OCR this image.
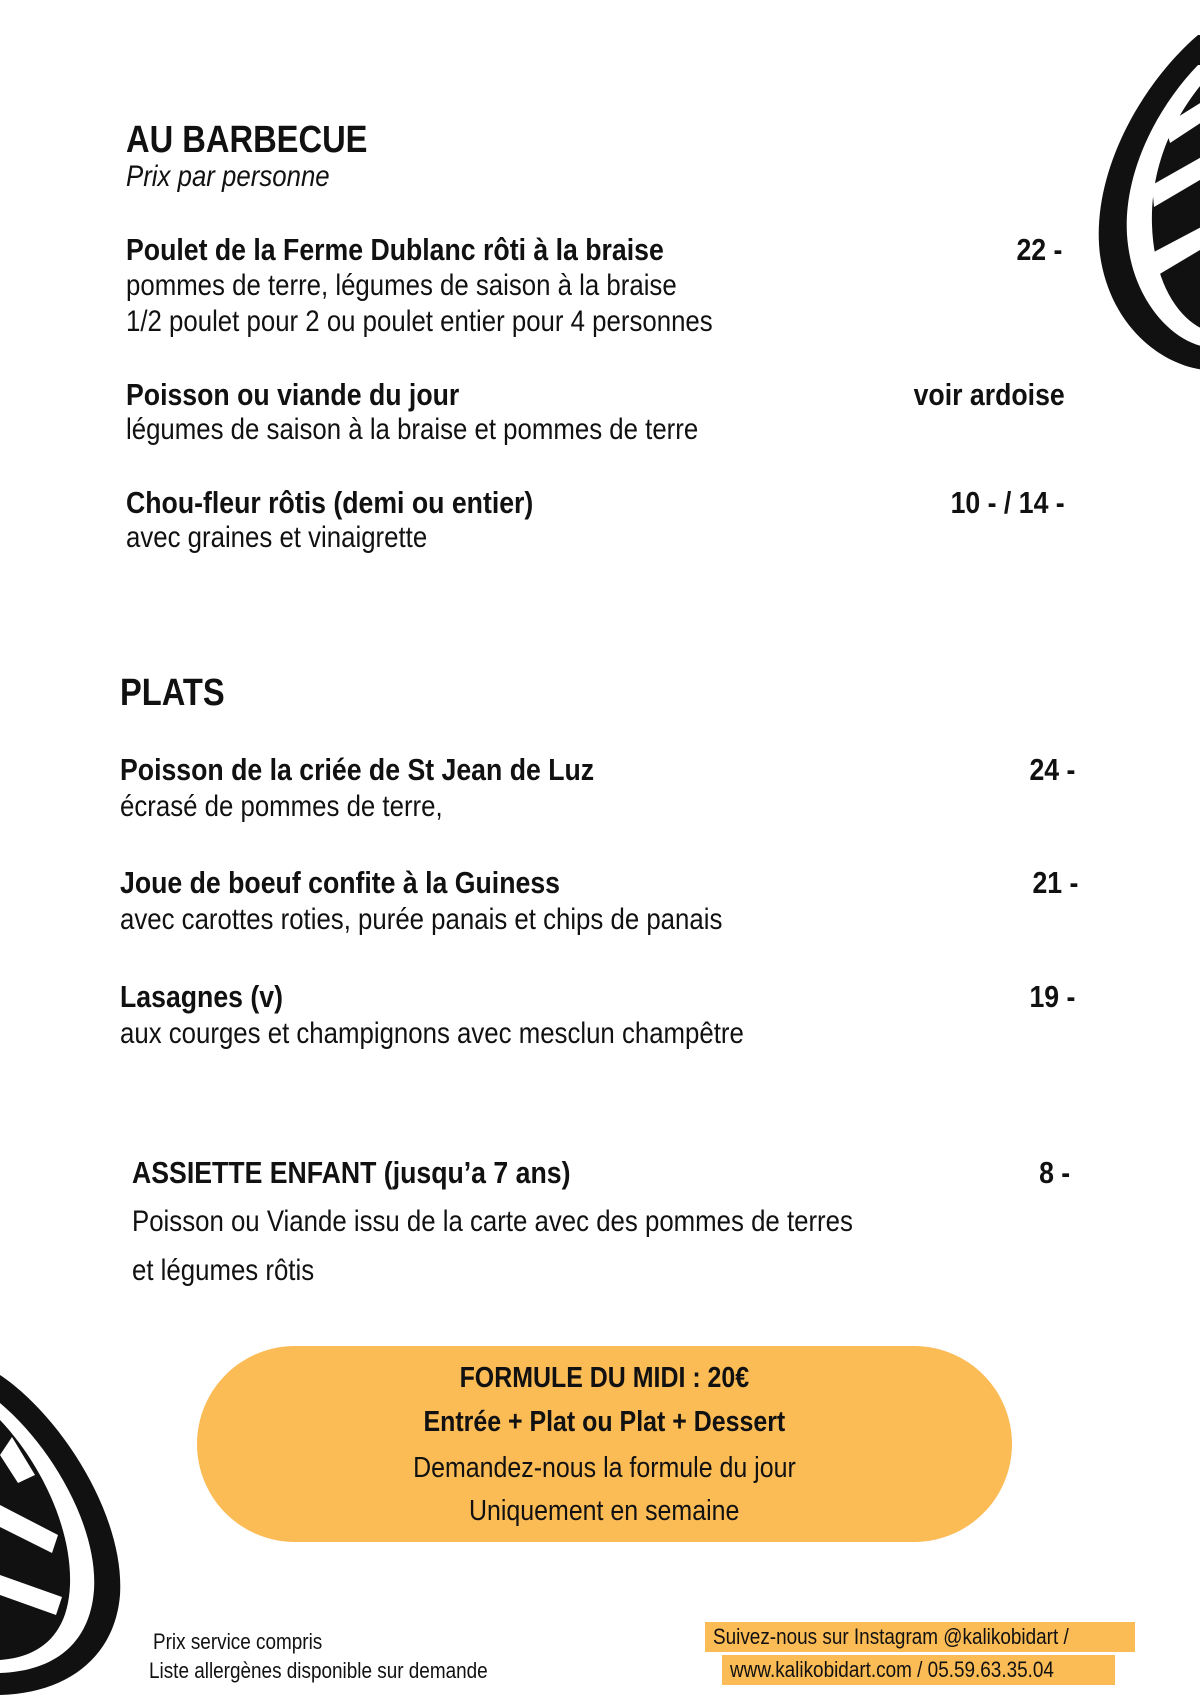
AU BARBECUE
Prix par personne
Poulet de la Ferme Dublanc rôti à la braise	22 -
pommes de terre, légumes de saison à la braise
1/2 poulet pour 2 ou poulet entier pour 4 personnes
Poisson ou viande du jour	voir ardoise
légumes de saison à la braise et pommes de terre
Chou-fleur rôtis (demi ou entier)	10 - / 14 -
avec graines et vinaigrette
PLATS
Poisson de la criée de St Jean de Luz	24 -
écrasé de pommes de terre,
Joue de boeuf confite à la Guiness	21 -
avec carottes roties, purée panais et chips de panais
Lasagnes (v)	19 -
aux courges et champignons avec mesclun champêtre
ASSIETTE ENFANT (jusqu’a 7 ans)	8 -
Poisson ou Viande issu de la carte avec des pommes de terres
et légumes rôtis
FORMULE DU MIDI : 20€
Entrée + Plat ou Plat + Dessert
Demandez-nous la formule du jour
Uniquement en semaine
Prix service compris
Liste allergènes disponible sur demande
Suivez-nous sur Instagram @kalikobidart /
www.kalikobidart.com / 05.59.63.35.04
